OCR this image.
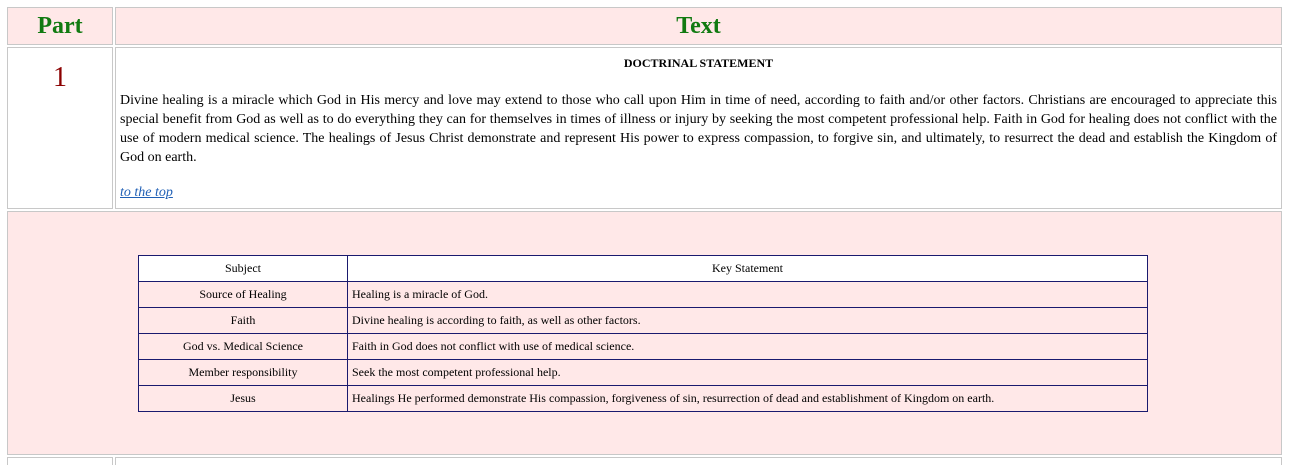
Part	Text
1	DOCTRINAL STATEMENT

Divine healing is a miracle which God in His mercy and love may extend to those who call upon Him in time of need, according to faith and/or other factors. Christians are encouraged to appreciate this special benefit from God as well as to do everything they can for themselves in times of illness or injury by seeking the most competent professional help. Faith in God for healing does not conflict with the use of modern medical science. The healings of Jesus Christ demonstrate and represent His power to express compassion, to forgive sin, and ultimately, to resurrect the dead and establish the Kingdom of God on earth.

to the top

Subject	Key Statement
Source of Healing	Healing is a miracle of God.
Faith	Divine healing is according to faith, as well as other factors.
God vs. Medical Science	Faith in God does not conflict with use of medical science.
Member responsibility	Seek the most competent professional help.
Jesus	Healings He performed demonstrate His compassion, forgiveness of sin, resurrection of dead and establishment of Kingdom on earth.
